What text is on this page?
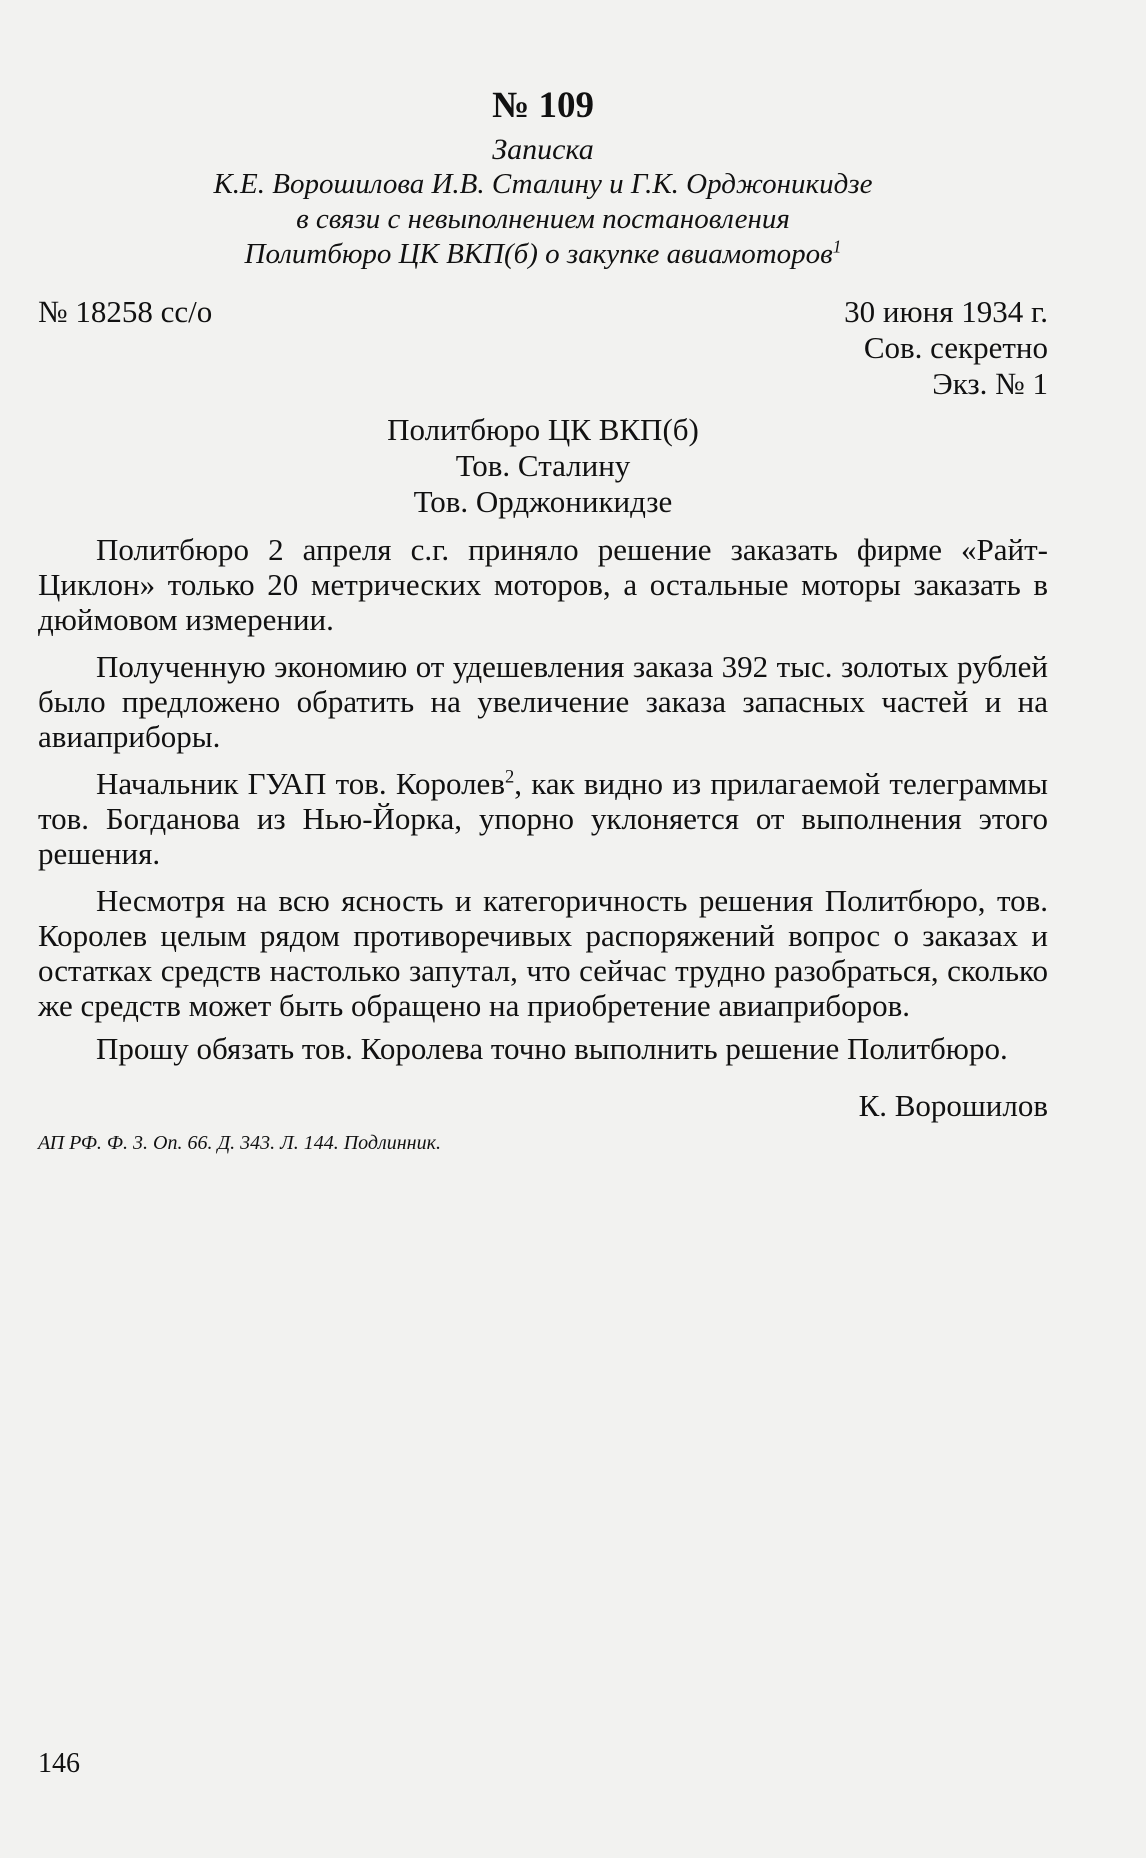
№ 109
Записка
К.Е. Ворошилова И.В. Сталину и Г.К. Орджоникидзе
в связи с невыполнением постановления
Политбюро ЦК ВКП(б) о закупке авиамоторов$^1$
№ 18258 сс/о	30 июня 1934 г.
Сов. секретно
Экз. № 1
Политбюро ЦК ВКП(б)
Тов. Сталину
Тов. Орджоникидзе

Политбюро 2 апреля с.г. приняло решение заказать фирме «Райт-Циклон» только 20 метрических моторов, а остальные моторы заказать в дюймовом измерении.

Полученную экономию от удешевления заказа 392 тыс. золотых рублей было предложено обратить на увеличение заказа запасных частей и на авиаприборы.

Начальник ГУАП тов. Королев$^2$, как видно из прилагаемой телеграммы тов. Богданова из Нью-Йорка, упорно уклоняется от выполнения этого решения.

Несмотря на всю ясность и категоричность решения Политбюро, тов. Королев целым рядом противоречивых распоряжений вопрос о заказах и остатках средств настолько запутал, что сейчас трудно разобраться, сколько же средств может быть обращено на приобретение авиаприборов.

Прошу обязать тов. Королева точно выполнить решение Политбюро.

К. Ворошилов
АП РФ. Ф. 3. Оп. 66. Д. 343. Л. 144. Подлинник.
146
